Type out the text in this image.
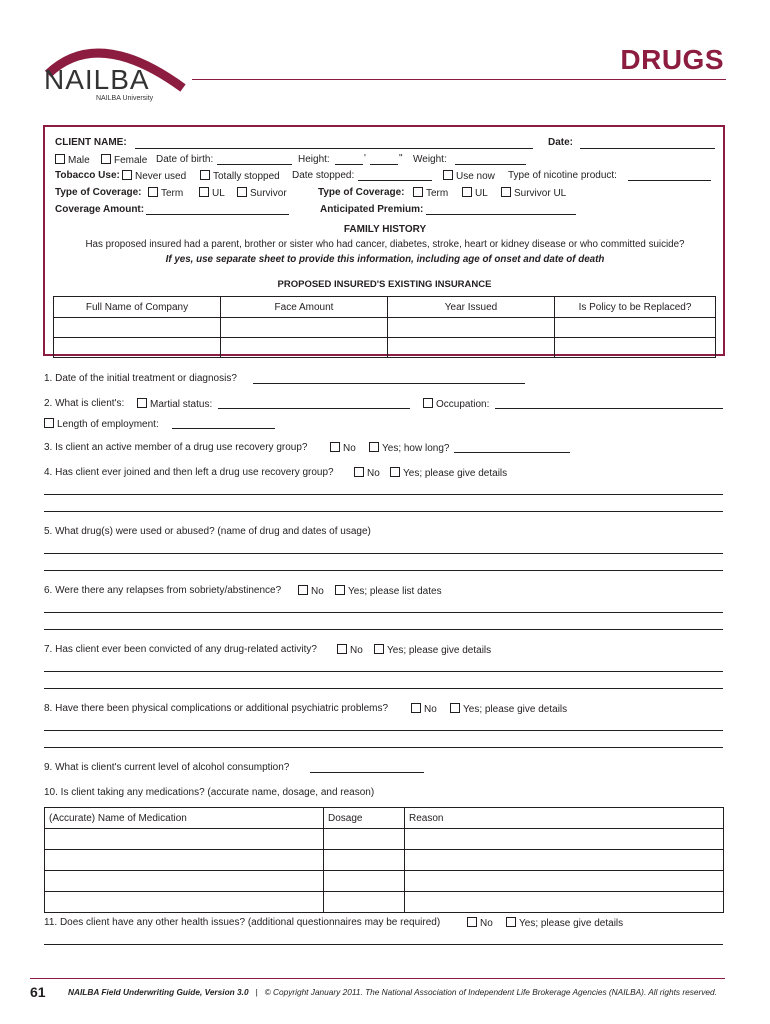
NAILBA
NAILBA University
DRUGS
CLIENT NAME:	Date:
Male	Female Date of birth:	Height:	'	" Weight:
Tobacco Use:	Never used	Totally stopped Date stopped:	Use now Type of nicotine product:
Type of Coverage:	Term	UL	Survivor	Type of Coverage:	Term	UL	Survivor UL
Coverage Amount:	Anticipated Premium:
FAMILY HISTORY
Has proposed insured had a parent, brother or sister who had cancer, diabetes, stroke, heart or kidney disease or who committed suicide?
If yes, use separate sheet to provide this information, including age of onset and date of death
PROPOSED INSURED'S EXISTING INSURANCE
Full Name of Company	Face Amount	Year Issued	Is Policy to be Replaced?

1. Date of the initial treatment or diagnosis?
2. What is client's:	Martial status:	Occupation:
Length of employment:
3. Is client an active member of a drug use recovery group?	No	Yes; how long?
4. Has client ever joined and then left a drug use recovery group?	No	Yes; please give details
5. What drug(s) were used or abused? (name of drug and dates of usage)
6. Were there any relapses from sobriety/abstinence?	No	Yes; please list dates
7. Has client ever been convicted of any drug-related activity?	No	Yes; please give details
8. Have there been physical complications or additional psychiatric problems?	No	Yes; please give details
9. What is client's current level of alcohol consumption?
10. Is client taking any medications? (accurate name, dosage, and reason)
(Accurate) Name of Medication	Dosage	Reason

11. Does client have any other health issues? (additional questionnaires may be required)	No	Yes; please give details
61	NAILBA Field Underwriting Guide, Version 3.0 | © Copyright January 2011. The National Association of Independent Life Brokerage Agencies (NAILBA). All rights reserved.
